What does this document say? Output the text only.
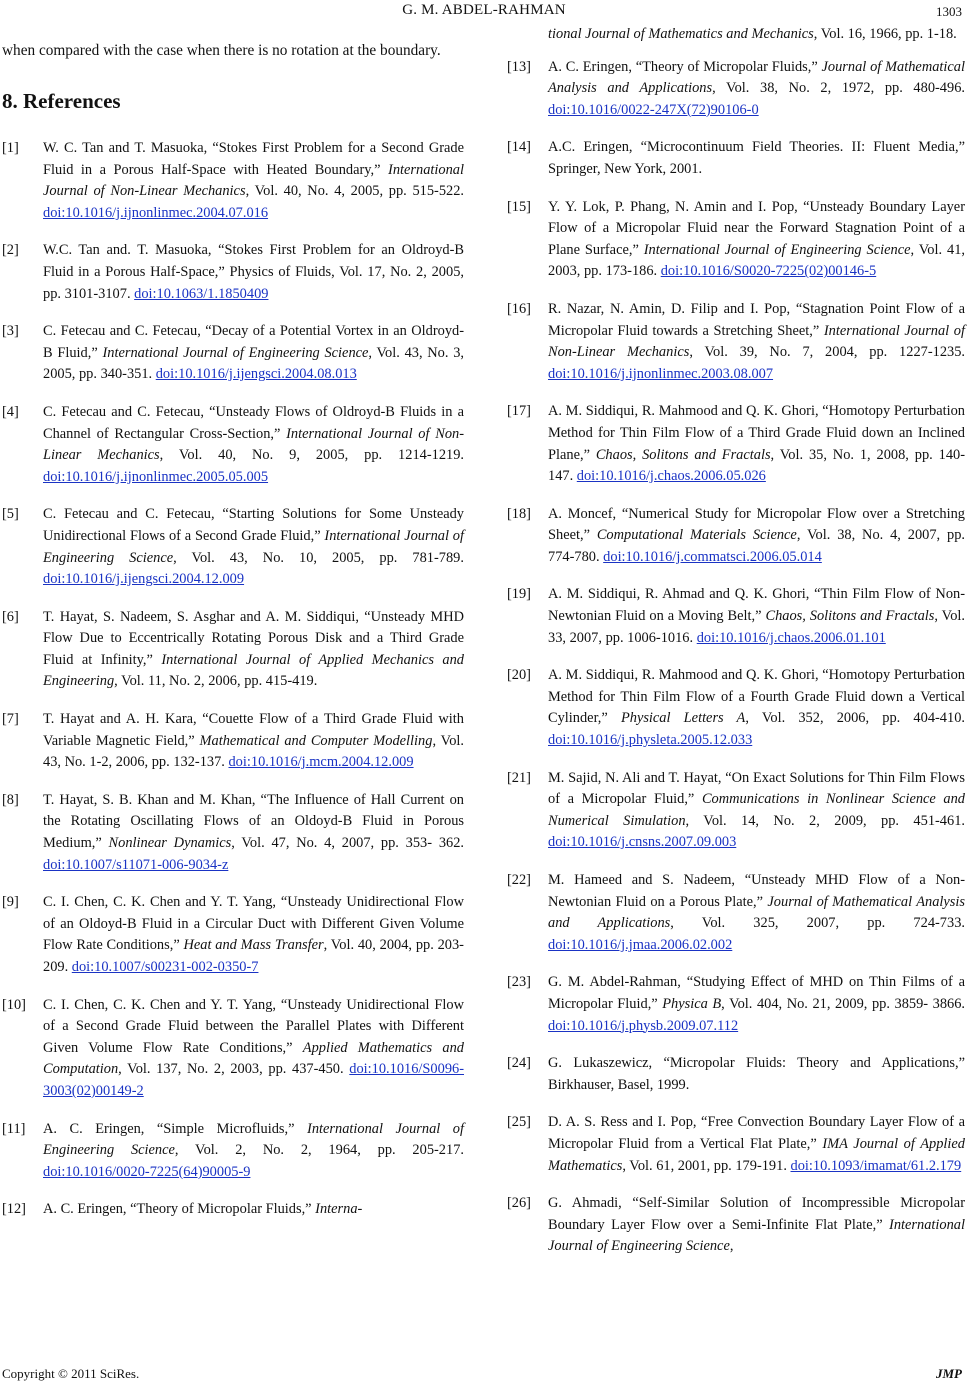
G. M. ABDEL-RAHMAN	1303

when compared with the case when there is no rotation at the boundary.

8. References
[1] W. C. Tan and T. Masuoka, “Stokes First Problem for a Second Grade Fluid in a Porous Half-Space with Heated Boundary,” International Journal of Non-Linear Mechanics, Vol. 40, No. 4, 2005, pp. 515-522. doi:10.1016/j.ijnonlinmec.2004.07.016
[2] W.C. Tan and. T. Masuoka, “Stokes First Problem for an Oldroyd-B Fluid in a Porous Half-Space,” Physics of Fluids, Vol. 17, No. 2, 2005, pp. 3101-3107. doi:10.1063/1.1850409
[3] C. Fetecau and C. Fetecau, “Decay of a Potential Vortex in an Oldroyd-B Fluid,” International Journal of Engineering Science, Vol. 43, No. 3, 2005, pp. 340-351. doi:10.1016/j.ijengsci.2004.08.013
[4] C. Fetecau and C. Fetecau, “Unsteady Flows of Oldroyd-B Fluids in a Channel of Rectangular Cross-Section,” International Journal of Non-Linear Mechanics, Vol. 40, No. 9, 2005, pp. 1214-1219. doi:10.1016/j.ijnonlinmec.2005.05.005
[5] C. Fetecau and C. Fetecau, “Starting Solutions for Some Unsteady Unidirectional Flows of a Second Grade Fluid,” International Journal of Engineering Science, Vol. 43, No. 10, 2005, pp. 781-789. doi:10.1016/j.ijengsci.2004.12.009
[6] T. Hayat, S. Nadeem, S. Asghar and A. M. Siddiqui, “Unsteady MHD Flow Due to Eccentrically Rotating Porous Disk and a Third Grade Fluid at Infinity,” International Journal of Applied Mechanics and Engineering, Vol. 11, No. 2, 2006, pp. 415-419.
[7] T. Hayat and A. H. Kara, “Couette Flow of a Third Grade Fluid with Variable Magnetic Field,” Mathematical and Computer Modelling, Vol. 43, No. 1-2, 2006, pp. 132-137. doi:10.1016/j.mcm.2004.12.009
[8] T. Hayat, S. B. Khan and M. Khan, “The Influence of Hall Current on the Rotating Oscillating Flows of an Oldoyd-B Fluid in Porous Medium,” Nonlinear Dynamics, Vol. 47, No. 4, 2007, pp. 353- 362. doi:10.1007/s11071-006-9034-z
[9] C. I. Chen, C. K. Chen and Y. T. Yang, “Unsteady Unidirectional Flow of an Oldoyd-B Fluid in a Circular Duct with Different Given Volume Flow Rate Conditions,” Heat and Mass Transfer, Vol. 40, 2004, pp. 203-209. doi:10.1007/s00231-002-0350-7
[10] C. I. Chen, C. K. Chen and Y. T. Yang, “Unsteady Unidirectional Flow of a Second Grade Fluid between the Parallel Plates with Different Given Volume Flow Rate Conditions,” Applied Mathematics and Computation, Vol. 137, No. 2, 2003, pp. 437-450. doi:10.1016/S0096-3003(02)00149-2
[11] A. C. Eringen, “Simple Microfluids,” International Journal of Engineering Science, Vol. 2, No. 2, 1964, pp. 205-217. doi:10.1016/0020-7225(64)90005-9
[12] A. C. Eringen, “Theory of Micropolar Fluids,” Interna-
tional Journal of Mathematics and Mechanics, Vol. 16, 1966, pp. 1-18.
[13] A. C. Eringen, “Theory of Micropolar Fluids,” Journal of Mathematical Analysis and Applications, Vol. 38, No. 2, 1972, pp. 480-496. doi:10.1016/0022-247X(72)90106-0
[14] A.C. Eringen, “Microcontinuum Field Theories. II: Fluent Media,” Springer, New York, 2001.
[15] Y. Y. Lok, P. Phang, N. Amin and I. Pop, “Unsteady Boundary Layer Flow of a Micropolar Fluid near the Forward Stagnation Point of a Plane Surface,” International Journal of Engineering Science, Vol. 41, 2003, pp. 173-186. doi:10.1016/S0020-7225(02)00146-5
[16] R. Nazar, N. Amin, D. Filip and I. Pop, “Stagnation Point Flow of a Micropolar Fluid towards a Stretching Sheet,” International Journal of Non-Linear Mechanics, Vol. 39, No. 7, 2004, pp. 1227-1235. doi:10.1016/j.ijnonlinmec.2003.08.007
[17] A. M. Siddiqui, R. Mahmood and Q. K. Ghori, “Homotopy Perturbation Method for Thin Film Flow of a Third Grade Fluid down an Inclined Plane,” Chaos, Solitons and Fractals, Vol. 35, No. 1, 2008, pp. 140-147. doi:10.1016/j.chaos.2006.05.026
[18] A. Moncef, “Numerical Study for Micropolar Flow over a Stretching Sheet,” Computational Materials Science, Vol. 38, No. 4, 2007, pp. 774-780. doi:10.1016/j.commatsci.2006.05.014
[19] A. M. Siddiqui, R. Ahmad and Q. K. Ghori, “Thin Film Flow of Non-Newtonian Fluid on a Moving Belt,” Chaos, Solitons and Fractals, Vol. 33, 2007, pp. 1006-1016. doi:10.1016/j.chaos.2006.01.101
[20] A. M. Siddiqui, R. Mahmood and Q. K. Ghori, “Homotopy Perturbation Method for Thin Film Flow of a Fourth Grade Fluid down a Vertical Cylinder,” Physical Letters A, Vol. 352, 2006, pp. 404-410. doi:10.1016/j.physleta.2005.12.033
[21] M. Sajid, N. Ali and T. Hayat, “On Exact Solutions for Thin Film Flows of a Micropolar Fluid,” Communications in Nonlinear Science and Numerical Simulation, Vol. 14, No. 2, 2009, pp. 451-461. doi:10.1016/j.cnsns.2007.09.003
[22] M. Hameed and S. Nadeem, “Unsteady MHD Flow of a Non-Newtonian Fluid on a Porous Plate,” Journal of Mathematical Analysis and Applications, Vol. 325, 2007, pp. 724-733. doi:10.1016/j.jmaa.2006.02.002
[23] G. M. Abdel-Rahman, “Studying Effect of MHD on Thin Films of a Micropolar Fluid,” Physica B, Vol. 404, No. 21, 2009, pp. 3859- 3866. doi:10.1016/j.physb.2009.07.112
[24] G. Lukaszewicz, “Micropolar Fluids: Theory and Applications,” Birkhauser, Basel, 1999.
[25] D. A. S. Ress and I. Pop, “Free Convection Boundary Layer Flow of a Micropolar Fluid from a Vertical Flat Plate,” IMA Journal of Applied Mathematics, Vol. 61, 2001, pp. 179-191. doi:10.1093/imamat/61.2.179
[26] G. Ahmadi, “Self-Similar Solution of Incompressible Micropolar Boundary Layer Flow over a Semi-Infinite Flat Plate,” International Journal of Engineering Science,
Copyright © 2011 SciRes.	JMP
